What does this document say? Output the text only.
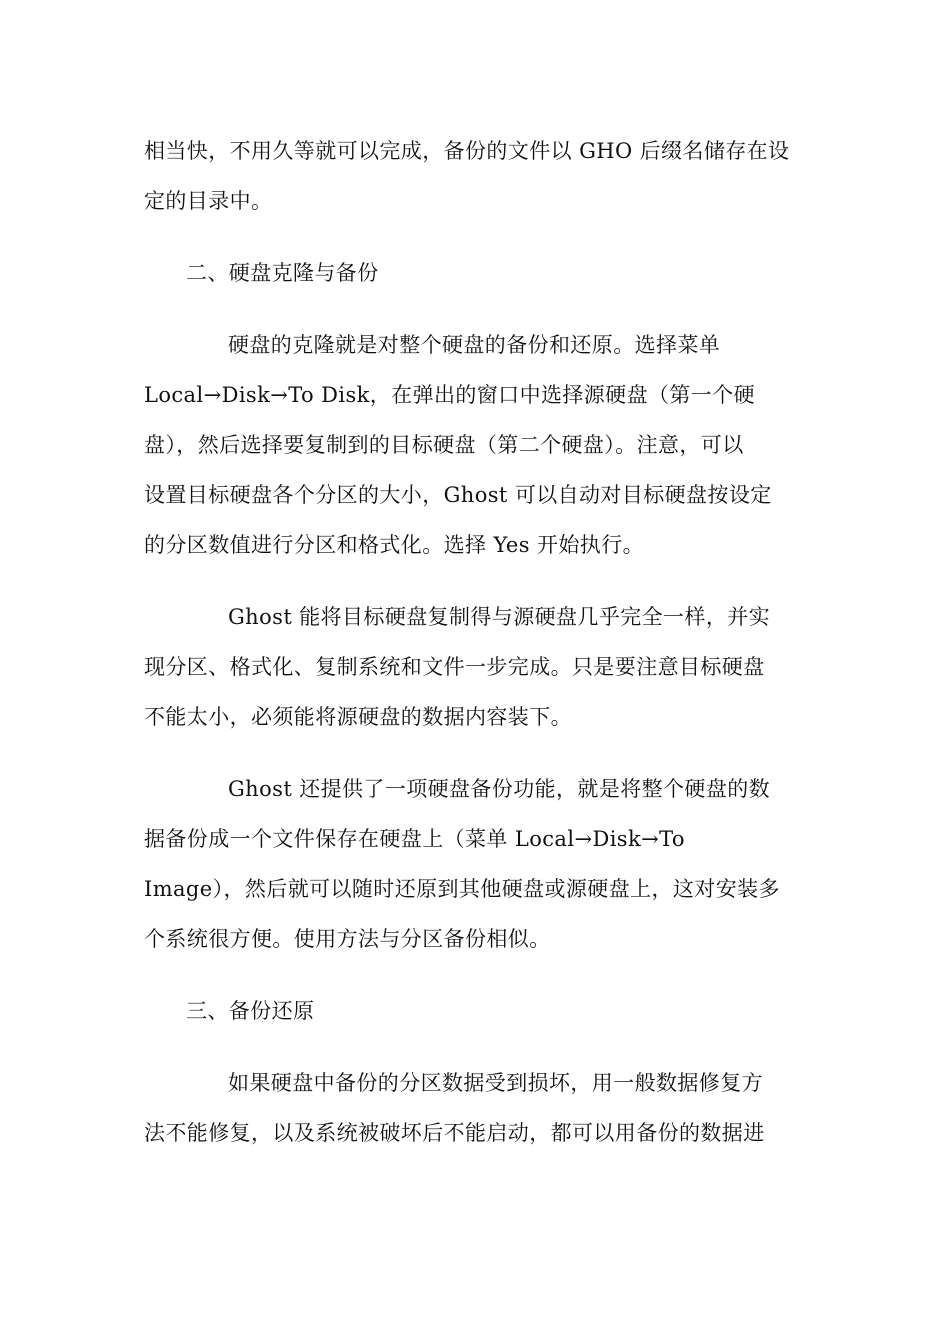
相当快，不用久等就可以完成，备份的文件以 GHO 后缀名储存在设
定的目录中。
二、硬盘克隆与备份
硬盘的克隆就是对整个硬盘的备份和还原。选择菜单
Local→Disk→To Disk，在弹出的窗口中选择源硬盘（第一个硬
盘），然后选择要复制到的目标硬盘（第二个硬盘）。注意，可以
设置目标硬盘各个分区的大小，Ghost 可以自动对目标硬盘按设定
的分区数值进行分区和格式化。选择 Yes 开始执行。
Ghost 能将目标硬盘复制得与源硬盘几乎完全一样，并实
现分区、格式化、复制系统和文件一步完成。只是要注意目标硬盘
不能太小，必须能将源硬盘的数据内容装下。
Ghost 还提供了一项硬盘备份功能，就是将整个硬盘的数
据备份成一个文件保存在硬盘上（菜单 Local→Disk→To
Image），然后就可以随时还原到其他硬盘或源硬盘上，这对安装多
个系统很方便。使用方法与分区备份相似。
三、备份还原
如果硬盘中备份的分区数据受到损坏，用一般数据修复方
法不能修复，以及系统被破坏后不能启动，都可以用备份的数据进
